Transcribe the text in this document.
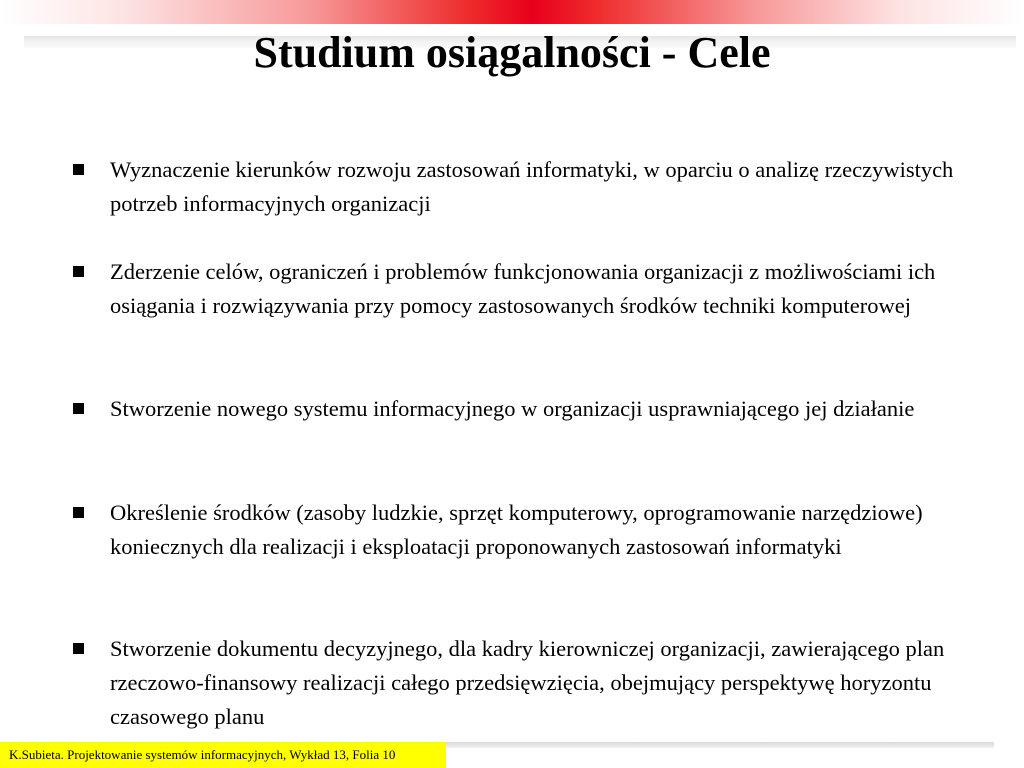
Studium osiągalności - Cele
Wyznaczenie kierunków rozwoju zastosowań informatyki, w oparciu o analizę rzeczywistych potrzeb informacyjnych organizacji
Zderzenie celów, ograniczeń i problemów funkcjonowania organizacji z możliwościami ich osiągania i rozwiązywania przy pomocy zastosowanych środków techniki komputerowej
Stworzenie nowego systemu informacyjnego w organizacji usprawniającego jej działanie
Określenie środków (zasoby ludzkie, sprzęt komputerowy, oprogramowanie narzędziowe) koniecznych dla realizacji i eksploatacji proponowanych zastosowań informatyki
Stworzenie dokumentu decyzyjnego, dla kadry kierowniczej organizacji, zawierającego plan rzeczowo-finansowy realizacji całego przedsięwzięcia, obejmujący perspektywę horyzontu czasowego planu
K.Subieta. Projektowanie systemów informacyjnych, Wykład 13, Folia 10
